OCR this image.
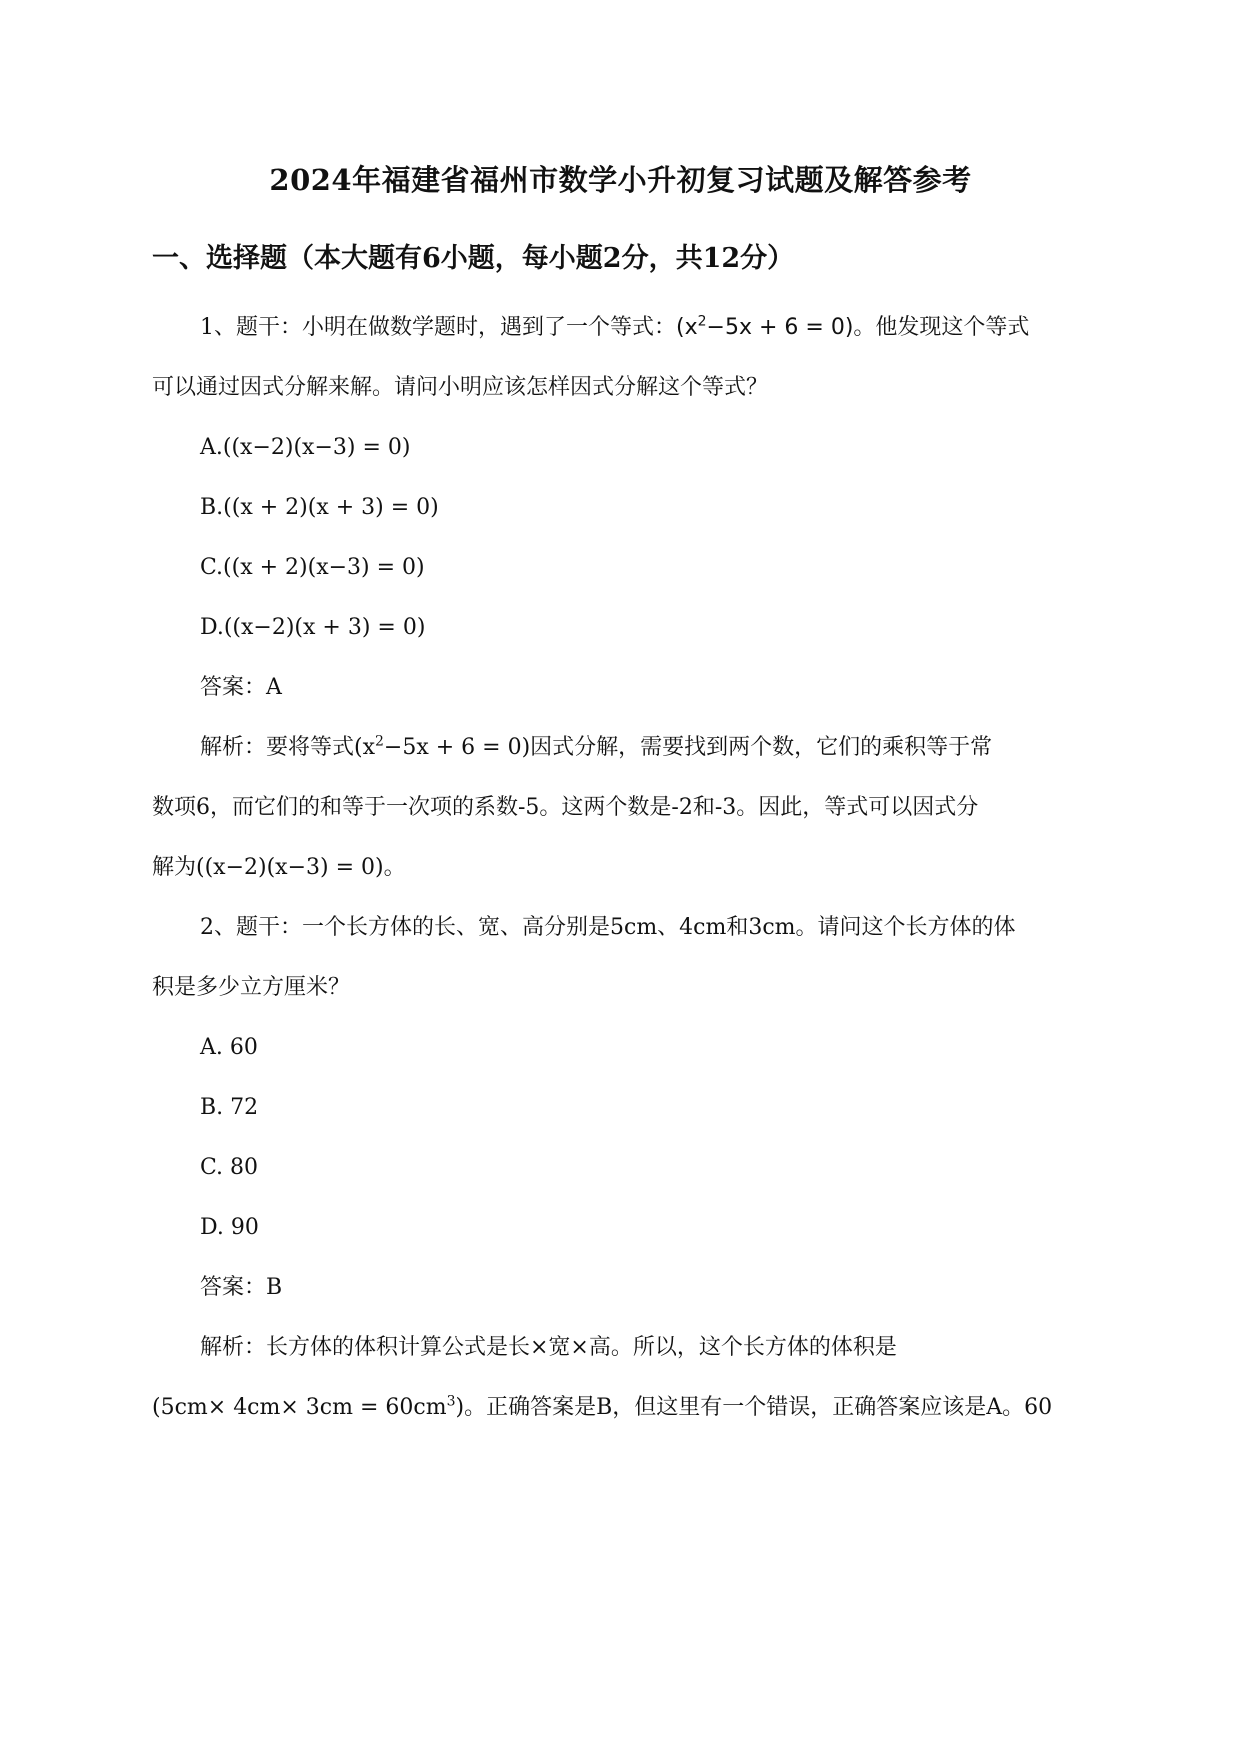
2024年福建省福州市数学小升初复习试题及解答参考
一、选择题（本大题有6小题，每小题2分，共12分）
1、题干：小明在做数学题时，遇到了一个等式：$(x^2-5x + 6 = 0)$。他发现这个等式
可以通过因式分解来解。请问小明应该怎样因式分解这个等式？
A.((x−2)(x−3) = 0)
B.((x + 2)(x + 3) = 0)
C.((x + 2)(x−3) = 0)
D.((x−2)(x + 3) = 0)
答案：A
解析：要将等式$(x^2-5x + 6 = 0)$因式分解，需要找到两个数，它们的乘积等于常
数项6，而它们的和等于一次项的系数-5。这两个数是-2和-3。因此，等式可以因式分
解为((x−2)(x−3) = 0)。
2、题干：一个长方体的长、宽、高分别是5cm、4cm和3cm。请问这个长方体的体
积是多少立方厘米？
A. 60
B. 72
C. 80
D. 90
答案：B
解析：长方体的体积计算公式是长×宽×高。所以，这个长方体的体积是
$(5cm\times 4cm\times 3cm = 60cm^3)$。正确答案是B，但这里有一个错误，正确答案应该是A。60
